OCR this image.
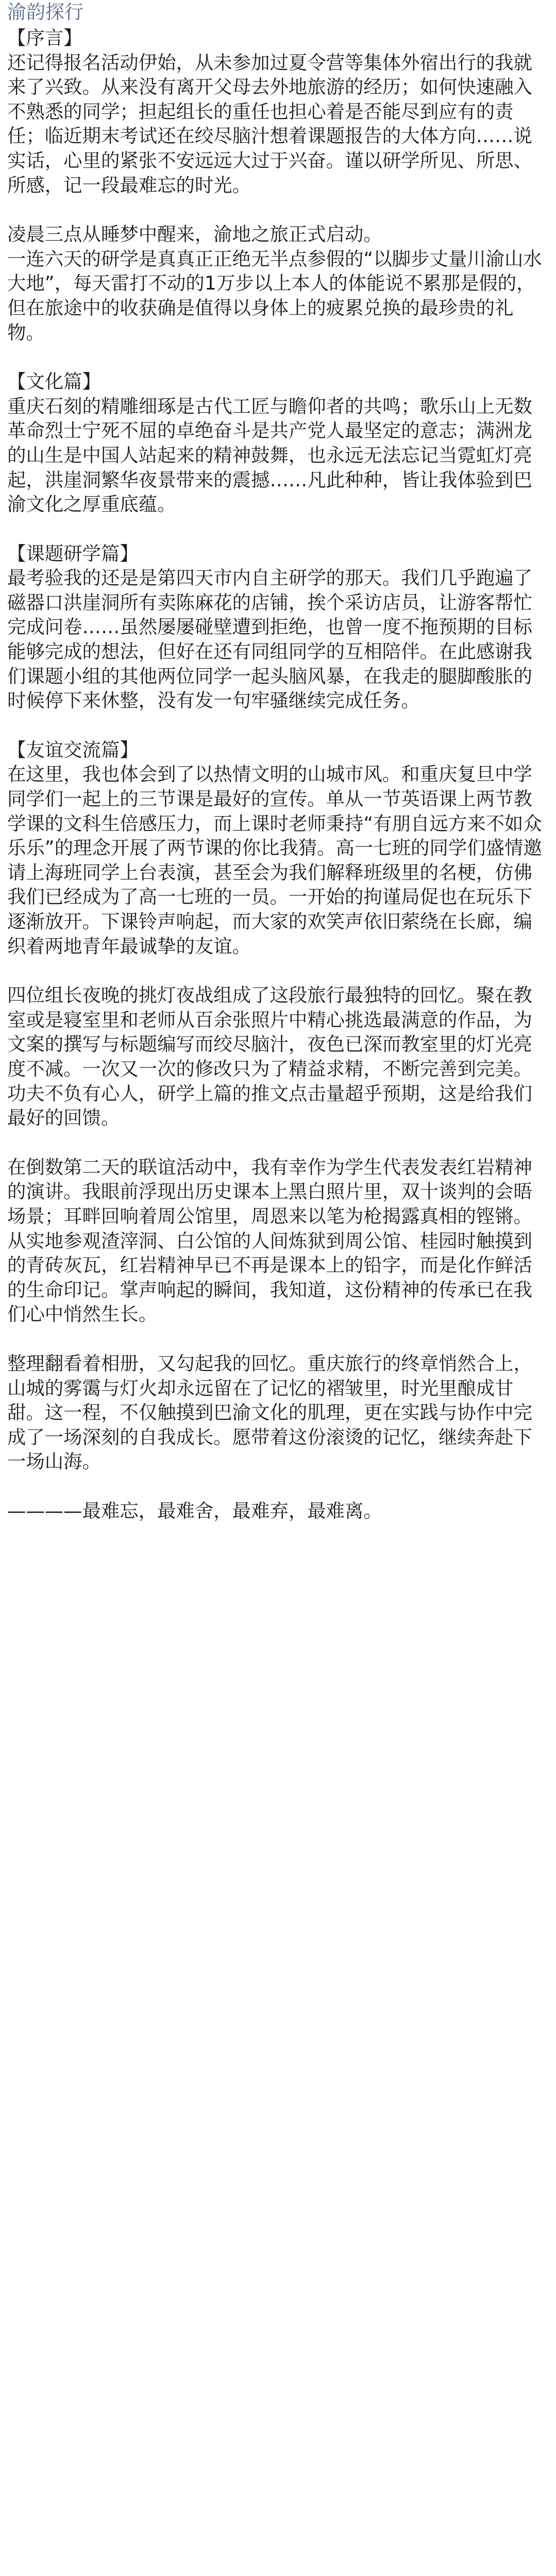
渝韵探行

【序言】

还记得报名活动伊始，从未参加过夏令营等集体外宿出行的我就来了兴致。从来没有离开父母去外地旅游的经历；如何快速融入不熟悉的同学；担起组长的重任也担心着是否能尽到应有的责任；临近期末考试还在绞尽脑汁想着课题报告的大体方向……说实话，心里的紧张不安远远大过于兴奋。谨以研学所见、所思、所感，记一段最难忘的时光。

凌晨三点从睡梦中醒来，渝地之旅正式启动。

一连六天的研学是真真正正绝无半点参假的“以脚步丈量川渝山水大地”，每天雷打不动的1万步以上本人的体能说不累那是假的，但在旅途中的收获确是值得以身体上的疲累兑换的最珍贵的礼物。

【文化篇】

重庆石刻的精雕细琢是古代工匠与瞻仰者的共鸣；歌乐山上无数革命烈士宁死不屈的卓绝奋斗是共产党人最坚定的意志；满洲龙的山生是中国人站起来的精神鼓舞，也永远无法忘记当霓虹灯亮起，洪崖洞繁华夜景带来的震撼……凡此种种，皆让我体验到巴渝文化之厚重底蕴。

【课题研学篇】

最考验我的还是是第四天市内自主研学的那天。我们几乎跑遍了磁器口洪崖洞所有卖陈麻花的店铺，挨个采访店员，让游客帮忙完成问卷……虽然屡屡碰壁遭到拒绝，也曾一度不拖预期的目标能够完成的想法，但好在还有同组同学的互相陪伴。在此感谢我们课题小组的其他两位同学一起头脑风暴，在我走的腿脚酸胀的时候停下来休整，没有发一句牢骚继续完成任务。

【友谊交流篇】

在这里，我也体会到了以热情文明的山城市风。和重庆复旦中学同学们一起上的三节课是最好的宣传。单从一节英语课上两节教学课的文科生倍感压力，而上课时老师秉持“有朋自远方来不如众乐乐”的理念开展了两节课的你比我猜。高一七班的同学们盛情邀请上海班同学上台表演，甚至会为我们解释班级里的名梗，仿佛我们已经成为了高一七班的一员。一开始的拘谨局促也在玩乐下逐渐放开。下课铃声响起，而大家的欢笑声依旧萦绕在长廊，编织着两地青年最诚挚的友谊。

四位组长夜晚的挑灯夜战组成了这段旅行最独特的回忆。聚在教室或是寝室里和老师从百余张照片中精心挑选最满意的作品，为文案的撰写与标题编写而绞尽脑汁，夜色已深而教室里的灯光亮度不减。一次又一次的修改只为了精益求精，不断完善到完美。功夫不负有心人，研学上篇的推文点击量超乎预期，这是给我们最好的回馈。

在倒数第二天的联谊活动中，我有幸作为学生代表发表红岩精神的演讲。我眼前浮现出历史课本上黑白照片里，双十谈判的会晤场景；耳畔回响着周公馆里，周恩来以笔为枪揭露真相的铿锵。从实地参观渣滓洞、白公馆的人间炼狱到周公馆、桂园时触摸到的青砖灰瓦，红岩精神早已不再是课本上的铅字，而是化作鲜活的生命印记。掌声响起的瞬间，我知道，这份精神的传承已在我们心中悄然生长。

整理翻看着相册，又勾起我的回忆。重庆旅行的终章悄然合上，山城的雾霭与灯火却永远留在了记忆的褶皱里，时光里酿成甘甜。这一程，不仅触摸到巴渝文化的肌理，更在实践与协作中完成了一场深刻的自我成长。愿带着这份滚烫的记忆，继续奔赴下一场山海。

————最难忘，最难舍，最难弃，最难离。
